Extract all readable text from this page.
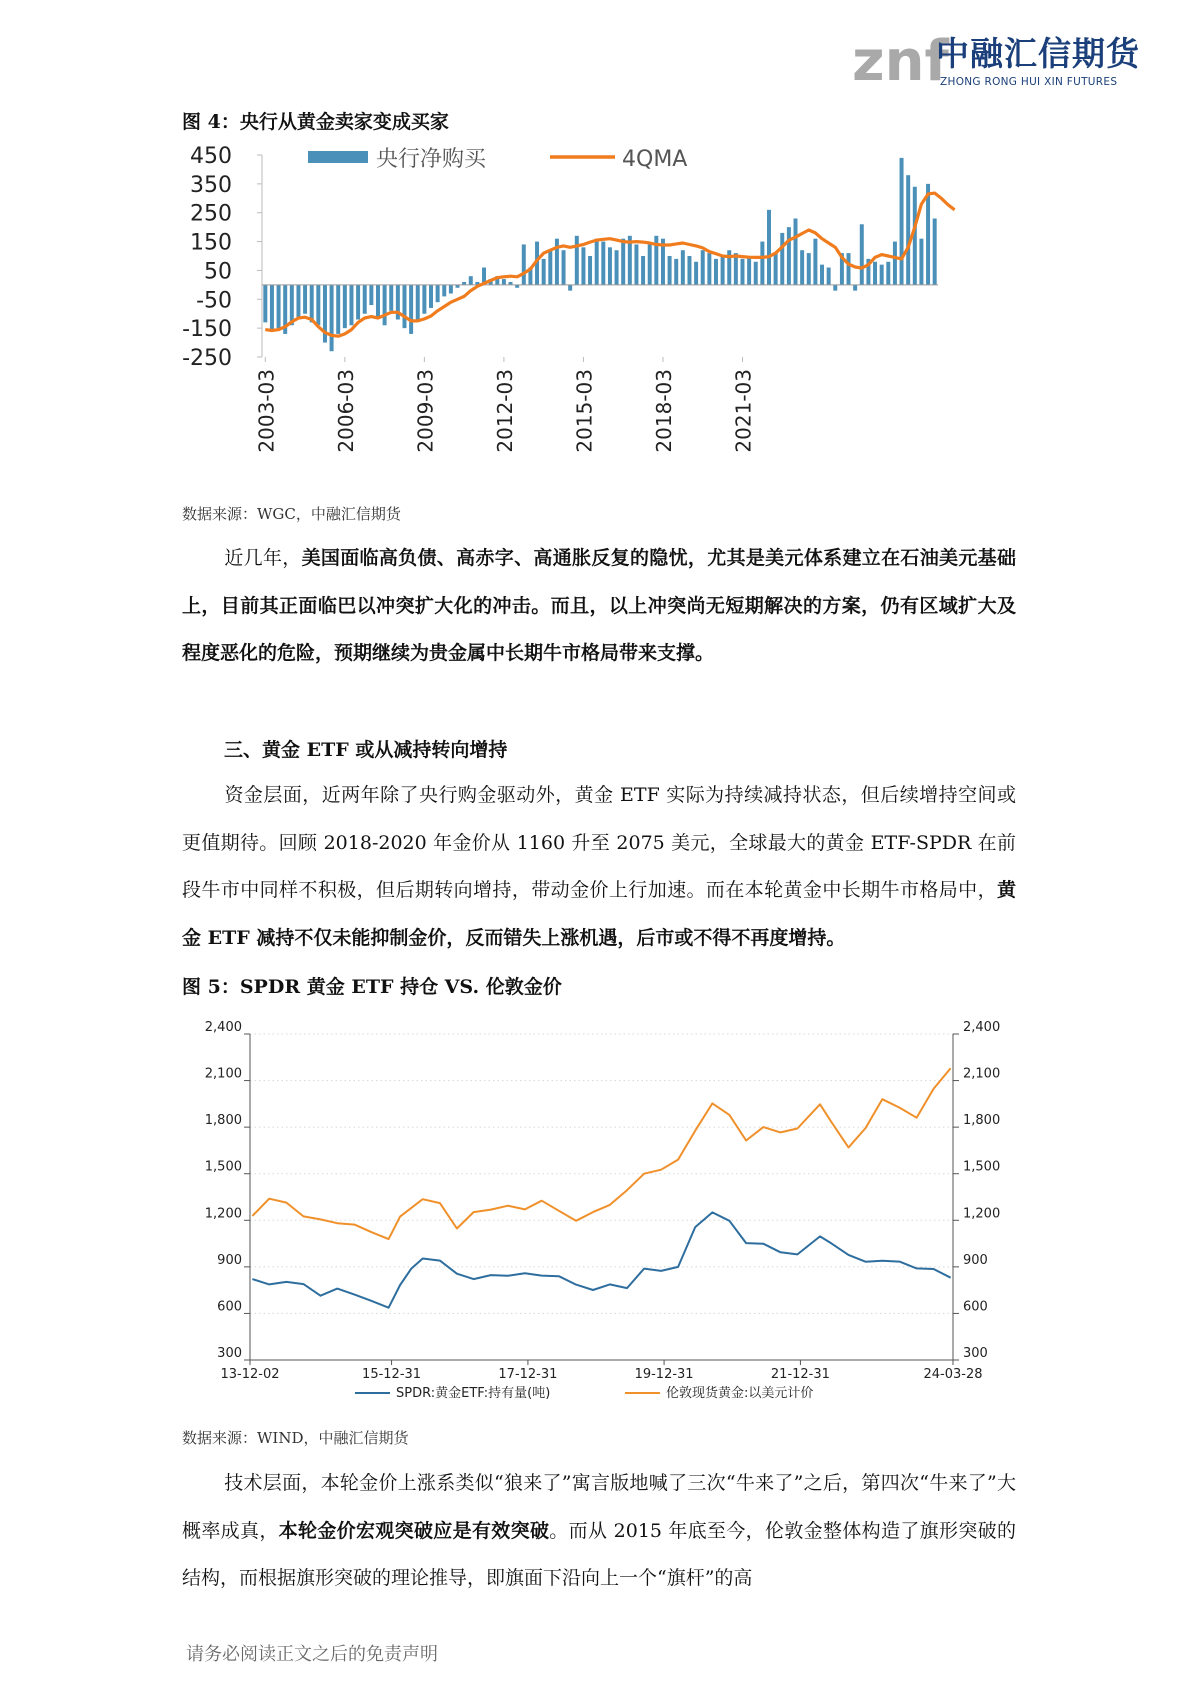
znf
中融汇信期货
ZHONG RONG HUI XIN FUTURES
图 4：央行从黄金卖家变成买家
450
350
250
150
50
-50
-150
-250
2003-03	2006-03	2009-03	2012-03	2015-03	2018-03	2021-03
央行净购买	4QMA
数据来源：WGC，中融汇信期货

近几年，美国面临高负债、高赤字、高通胀反复的隐忧，尤其是美元体系建立在石油美元基础上，目前其正面临巴以冲突扩大化的冲击。而且，以上冲突尚无短期解决的方案，仍有区域扩大及程度恶化的危险，预期继续为贵金属中长期牛市格局带来支撑。

三、黄金 ETF 或从减持转向增持

资金层面，近两年除了央行购金驱动外，黄金 ETF 实际为持续减持状态，但后续增持空间或更值期待。回顾 2018-2020 年金价从 1160 升至 2075 美元，全球最大的黄金 ETF-SPDR 在前段牛市中同样不积极，但后期转向增持，带动金价上行加速。而在本轮黄金中长期牛市格局中，黄金 ETF 减持不仅未能抑制金价，反而错失上涨机遇，后市或不得不再度增持。

图 5：SPDR 黄金 ETF 持仓 VS. 伦敦金价
300	300
600	600
900	900
1,200	1,200
1,500	1,500
1,800	1,800
2,100	2,100
2,400	2,400
13-12-02	15-12-31	17-12-31	19-12-31	21-12-31	24-03-28
SPDR:黄金ETF:持有量(吨)	伦敦现货黄金:以美元计价
数据来源：WIND，中融汇信期货

技术层面，本轮金价上涨系类似“狼来了”寓言版地喊了三次“牛来了”之后，第四次“牛来了”大概率成真，本轮金价宏观突破应是有效突破。而从 2015 年底至今，伦敦金整体构造了旗形突破的结构，而根据旗形突破的理论推导，即旗面下沿向上一个“旗杆”的高

请务必阅读正文之后的免责声明
